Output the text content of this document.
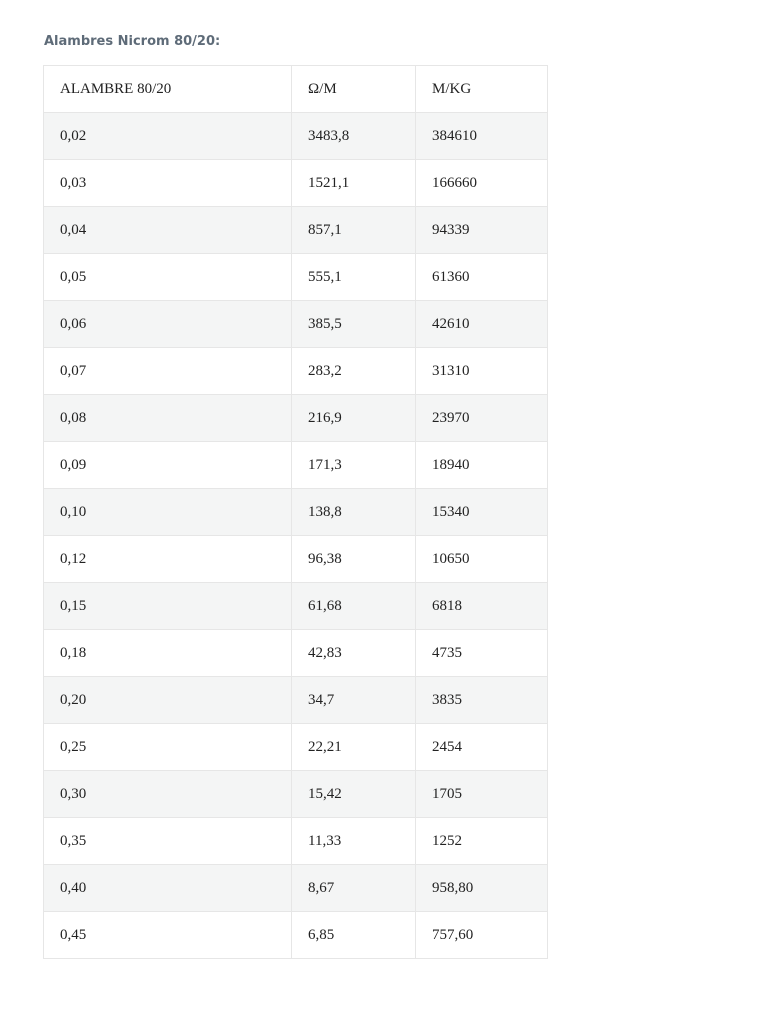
Alambres Nicrom 80/20:
ALAMBRE 80/20	Ω/M	M/KG
0,02	3483,8	384610
0,03	1521,1	166660
0,04	857,1	94339
0,05	555,1	61360
0,06	385,5	42610
0,07	283,2	31310
0,08	216,9	23970
0,09	171,3	18940
0,10	138,8	15340
0,12	96,38	10650
0,15	61,68	6818
0,18	42,83	4735
0,20	34,7	3835
0,25	22,21	2454
0,30	15,42	1705
0,35	11,33	1252
0,40	8,67	958,80
0,45	6,85	757,60
